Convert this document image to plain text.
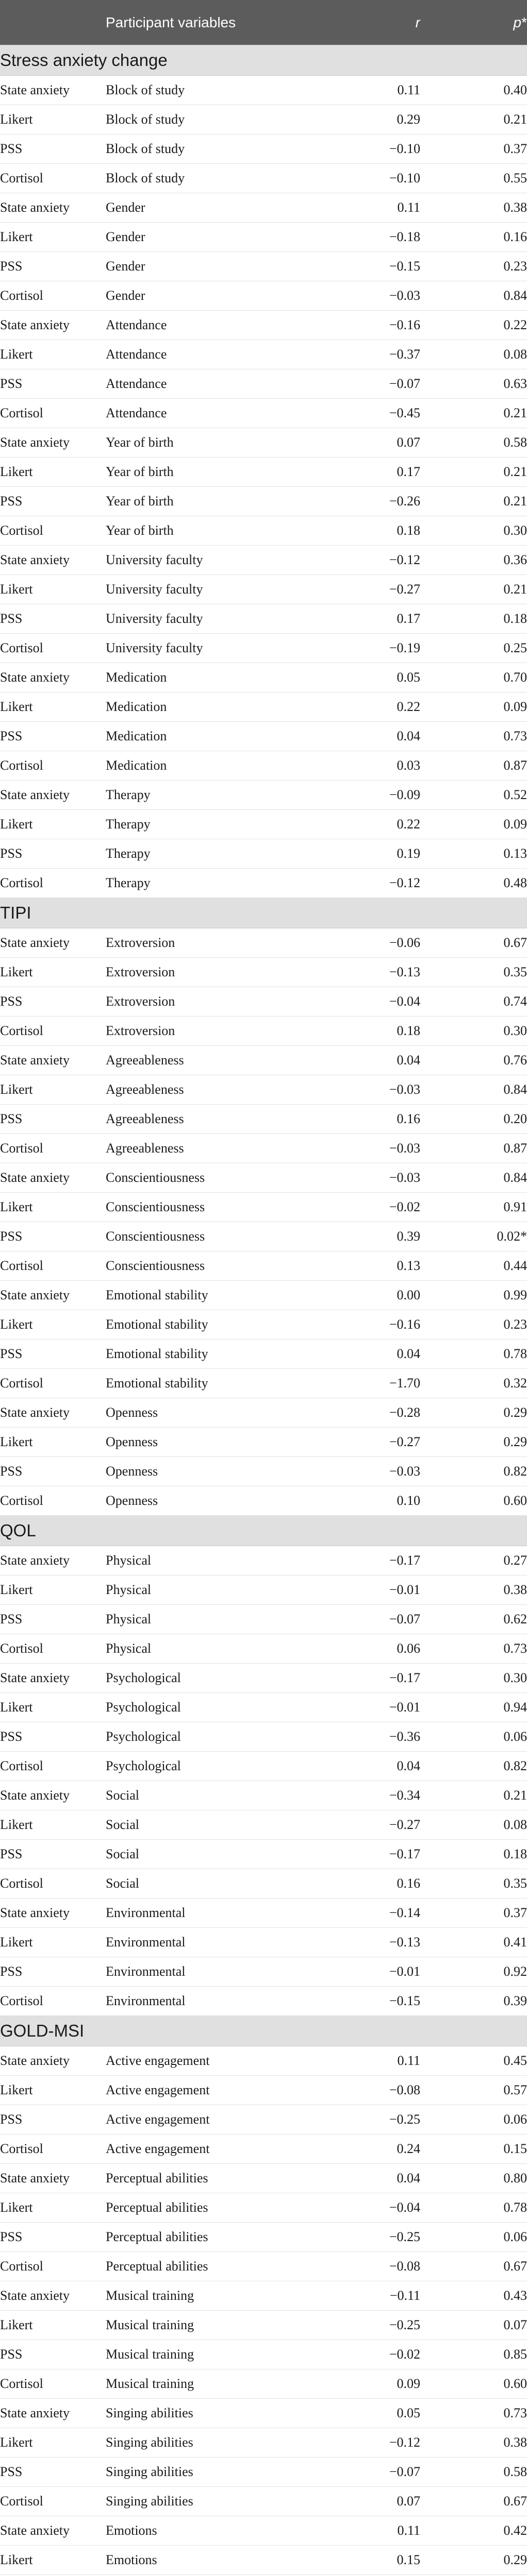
	Participant variables	r	p*
Stress anxiety change			
State anxiety	Block of study	0.11	0.40
Likert	Block of study	0.29	0.21
PSS	Block of study	−0.10	0.37
Cortisol	Block of study	−0.10	0.55
State anxiety	Gender	0.11	0.38
Likert	Gender	−0.18	0.16
PSS	Gender	−0.15	0.23
Cortisol	Gender	−0.03	0.84
State anxiety	Attendance	−0.16	0.22
Likert	Attendance	−0.37	0.08
PSS	Attendance	−0.07	0.63
Cortisol	Attendance	−0.45	0.21
State anxiety	Year of birth	0.07	0.58
Likert	Year of birth	0.17	0.21
PSS	Year of birth	−0.26	0.21
Cortisol	Year of birth	0.18	0.30
State anxiety	University faculty	−0.12	0.36
Likert	University faculty	−0.27	0.21
PSS	University faculty	0.17	0.18
Cortisol	University faculty	−0.19	0.25
State anxiety	Medication	0.05	0.70
Likert	Medication	0.22	0.09
PSS	Medication	0.04	0.73
Cortisol	Medication	0.03	0.87
State anxiety	Therapy	−0.09	0.52
Likert	Therapy	0.22	0.09
PSS	Therapy	0.19	0.13
Cortisol	Therapy	−0.12	0.48
TIPI			
State anxiety	Extroversion	−0.06	0.67
Likert	Extroversion	−0.13	0.35
PSS	Extroversion	−0.04	0.74
Cortisol	Extroversion	0.18	0.30
State anxiety	Agreeableness	0.04	0.76
Likert	Agreeableness	−0.03	0.84
PSS	Agreeableness	0.16	0.20
Cortisol	Agreeableness	−0.03	0.87
State anxiety	Conscientiousness	−0.03	0.84
Likert	Conscientiousness	−0.02	0.91
PSS	Conscientiousness	0.39	0.02*
Cortisol	Conscientiousness	0.13	0.44
State anxiety	Emotional stability	0.00	0.99
Likert	Emotional stability	−0.16	0.23
PSS	Emotional stability	0.04	0.78
Cortisol	Emotional stability	−1.70	0.32
State anxiety	Openness	−0.28	0.29
Likert	Openness	−0.27	0.29
PSS	Openness	−0.03	0.82
Cortisol	Openness	0.10	0.60
QOL			
State anxiety	Physical	−0.17	0.27
Likert	Physical	−0.01	0.38
PSS	Physical	−0.07	0.62
Cortisol	Physical	0.06	0.73
State anxiety	Psychological	−0.17	0.30
Likert	Psychological	−0.01	0.94
PSS	Psychological	−0.36	0.06
Cortisol	Psychological	0.04	0.82
State anxiety	Social	−0.34	0.21
Likert	Social	−0.27	0.08
PSS	Social	−0.17	0.18
Cortisol	Social	0.16	0.35
State anxiety	Environmental	−0.14	0.37
Likert	Environmental	−0.13	0.41
PSS	Environmental	−0.01	0.92
Cortisol	Environmental	−0.15	0.39
GOLD-MSI			
State anxiety	Active engagement	0.11	0.45
Likert	Active engagement	−0.08	0.57
PSS	Active engagement	−0.25	0.06
Cortisol	Active engagement	0.24	0.15
State anxiety	Perceptual abilities	0.04	0.80
Likert	Perceptual abilities	−0.04	0.78
PSS	Perceptual abilities	−0.25	0.06
Cortisol	Perceptual abilities	−0.08	0.67
State anxiety	Musical training	−0.11	0.43
Likert	Musical training	−0.25	0.07
PSS	Musical training	−0.02	0.85
Cortisol	Musical training	0.09	0.60
State anxiety	Singing abilities	0.05	0.73
Likert	Singing abilities	−0.12	0.38
PSS	Singing abilities	−0.07	0.58
Cortisol	Singing abilities	0.07	0.67
State anxiety	Emotions	0.11	0.42
Likert	Emotions	0.15	0.29
